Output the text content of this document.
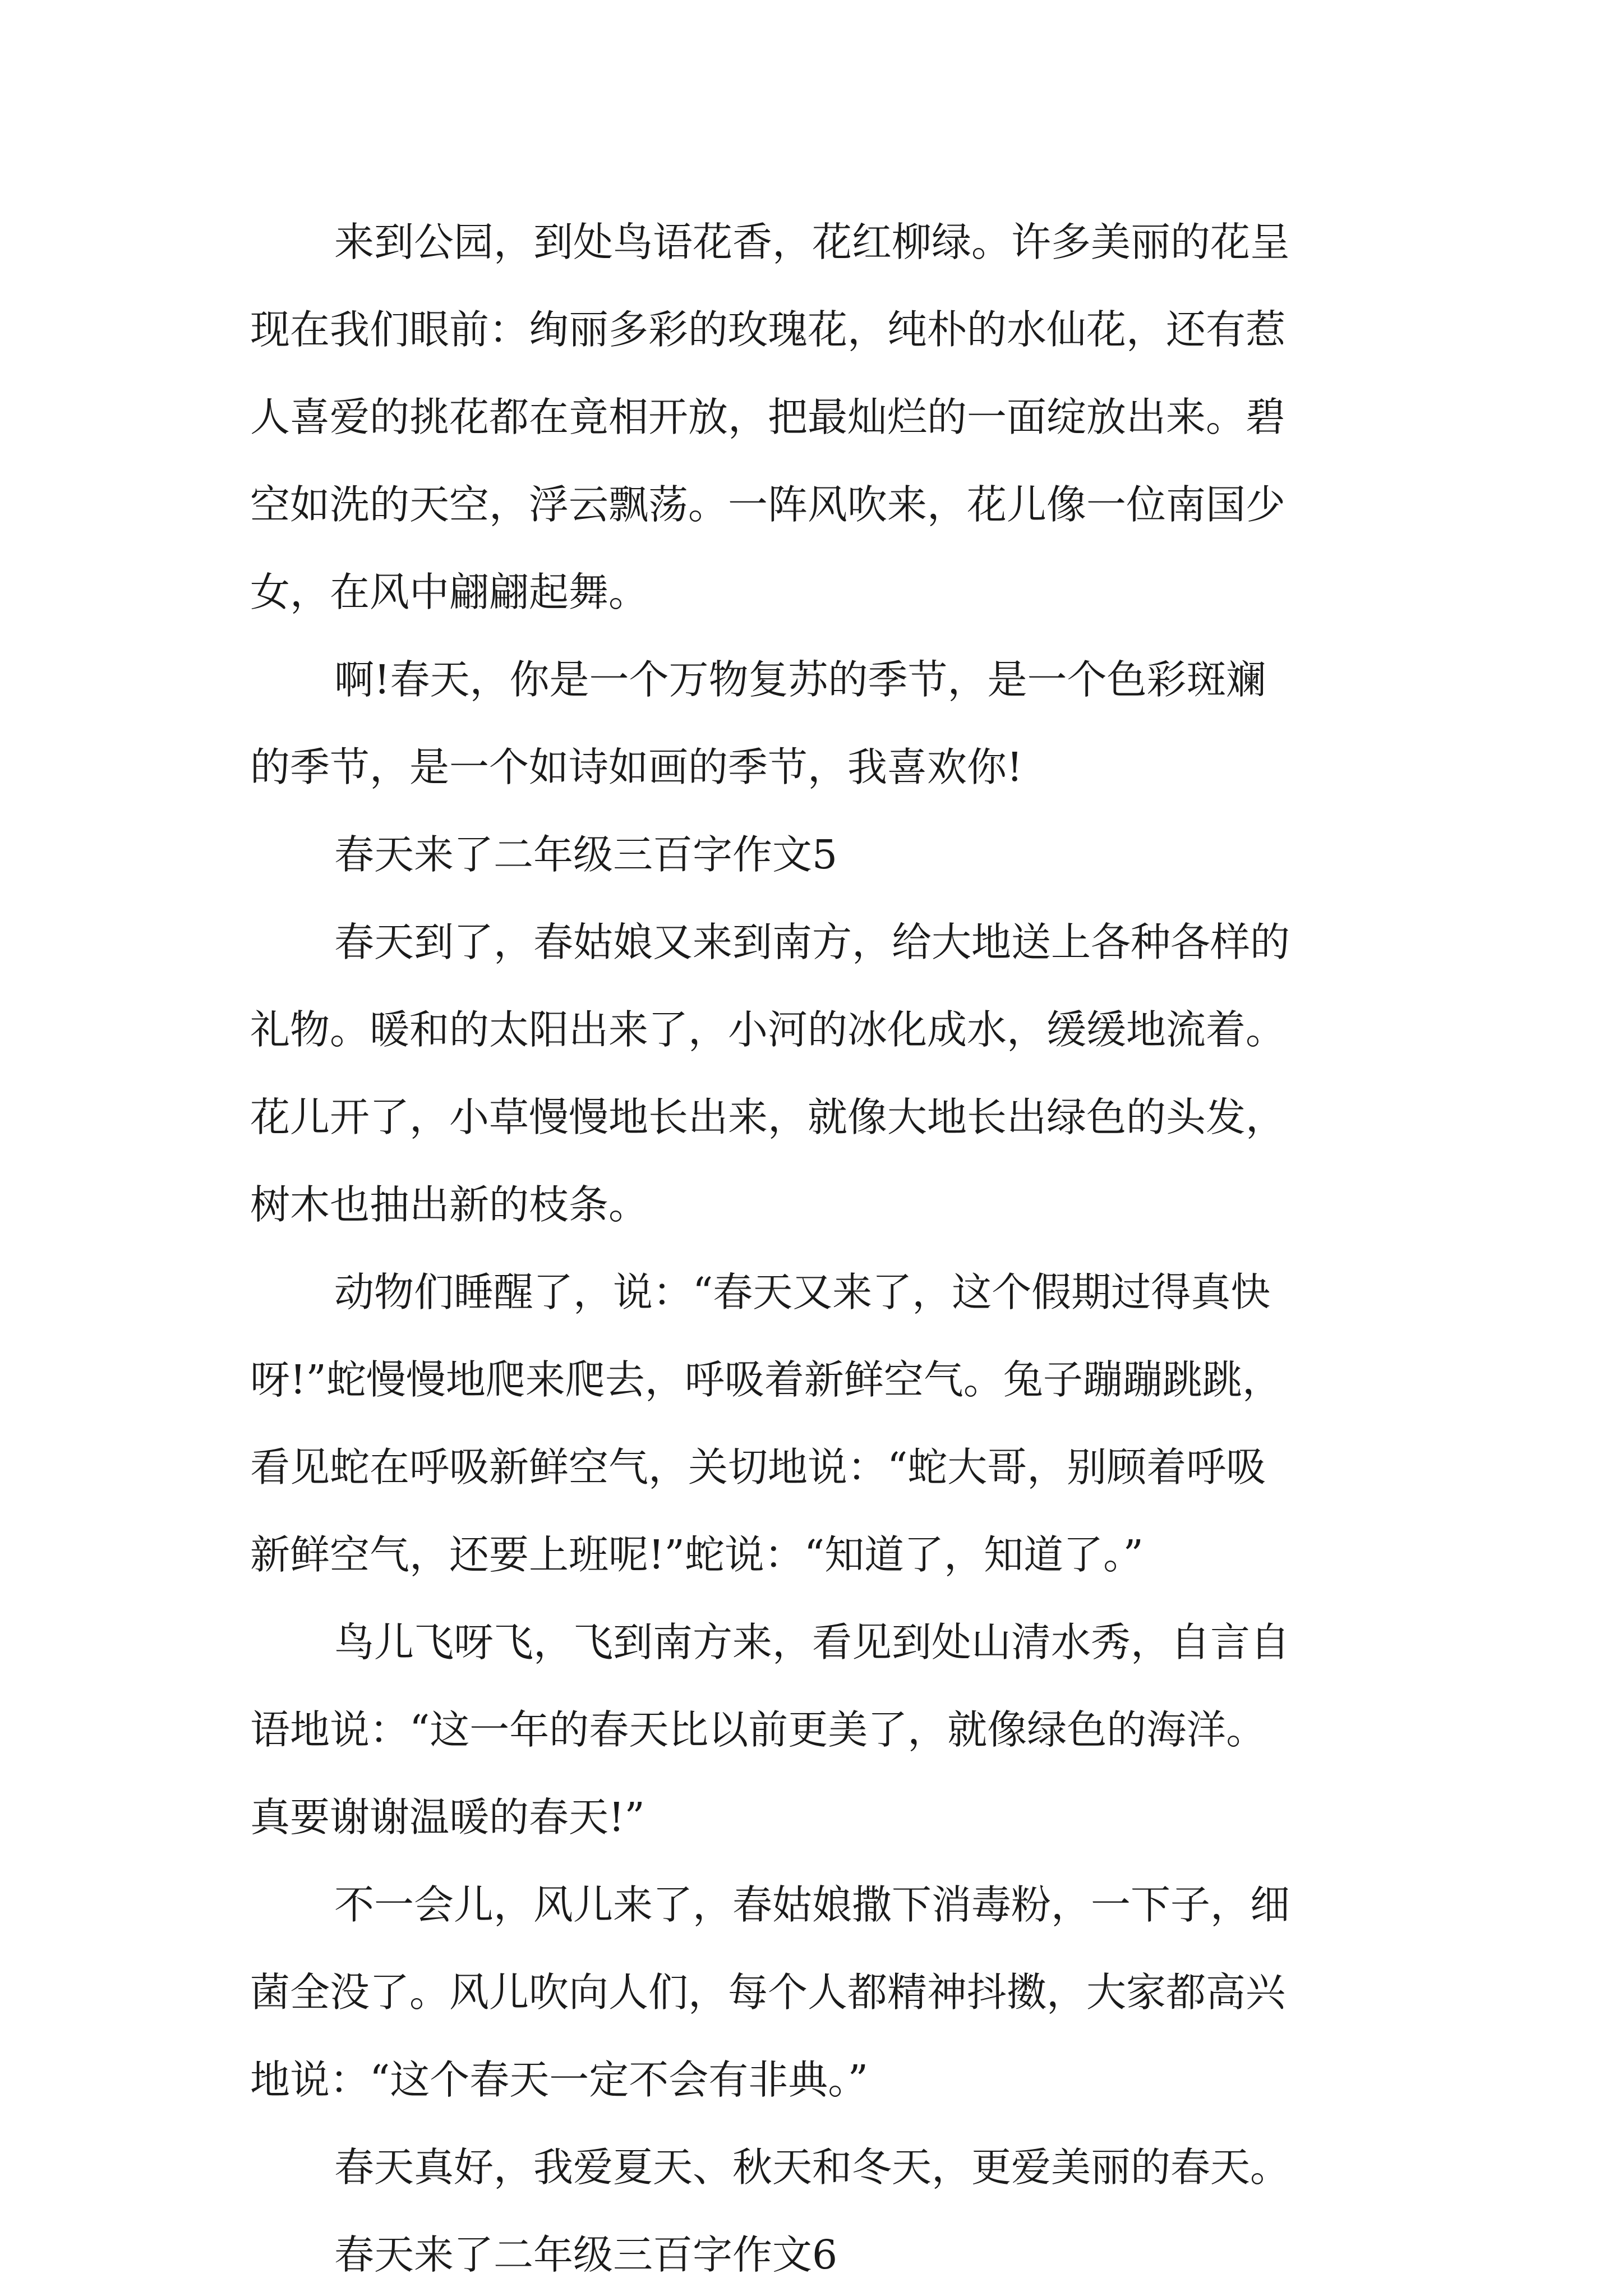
来到公园，到处鸟语花香，花红柳绿。许多美丽的花呈

现在我们眼前：绚丽多彩的玫瑰花，纯朴的水仙花，还有惹

人喜爱的挑花都在竟相开放，把最灿烂的一面绽放出来。碧

空如洗的天空，浮云飘荡。一阵风吹来，花儿像一位南国少

女，在风中翩翩起舞。

啊!春天，你是一个万物复苏的季节，是一个色彩斑斓

的季节，是一个如诗如画的季节，我喜欢你!

春天来了二年级三百字作文5

春天到了，春姑娘又来到南方，给大地送上各种各样的

礼物。暖和的太阳出来了，小河的冰化成水，缓缓地流着。

花儿开了，小草慢慢地长出来，就像大地长出绿色的头发，

树木也抽出新的枝条。

动物们睡醒了，说：“春天又来了，这个假期过得真快

呀!”蛇慢慢地爬来爬去，呼吸着新鲜空气。兔子蹦蹦跳跳，

看见蛇在呼吸新鲜空气，关切地说：“蛇大哥，别顾着呼吸

新鲜空气，还要上班呢!”蛇说：“知道了，知道了。”

鸟儿飞呀飞，飞到南方来，看见到处山清水秀，自言自

语地说：“这一年的春天比以前更美了，就像绿色的海洋。

真要谢谢温暖的春天!”

不一会儿，风儿来了，春姑娘撒下消毒粉，一下子，细

菌全没了。风儿吹向人们，每个人都精神抖擞，大家都高兴

地说：“这个春天一定不会有非典。”

春天真好，我爱夏天、秋天和冬天，更爱美丽的春天。

春天来了二年级三百字作文6
